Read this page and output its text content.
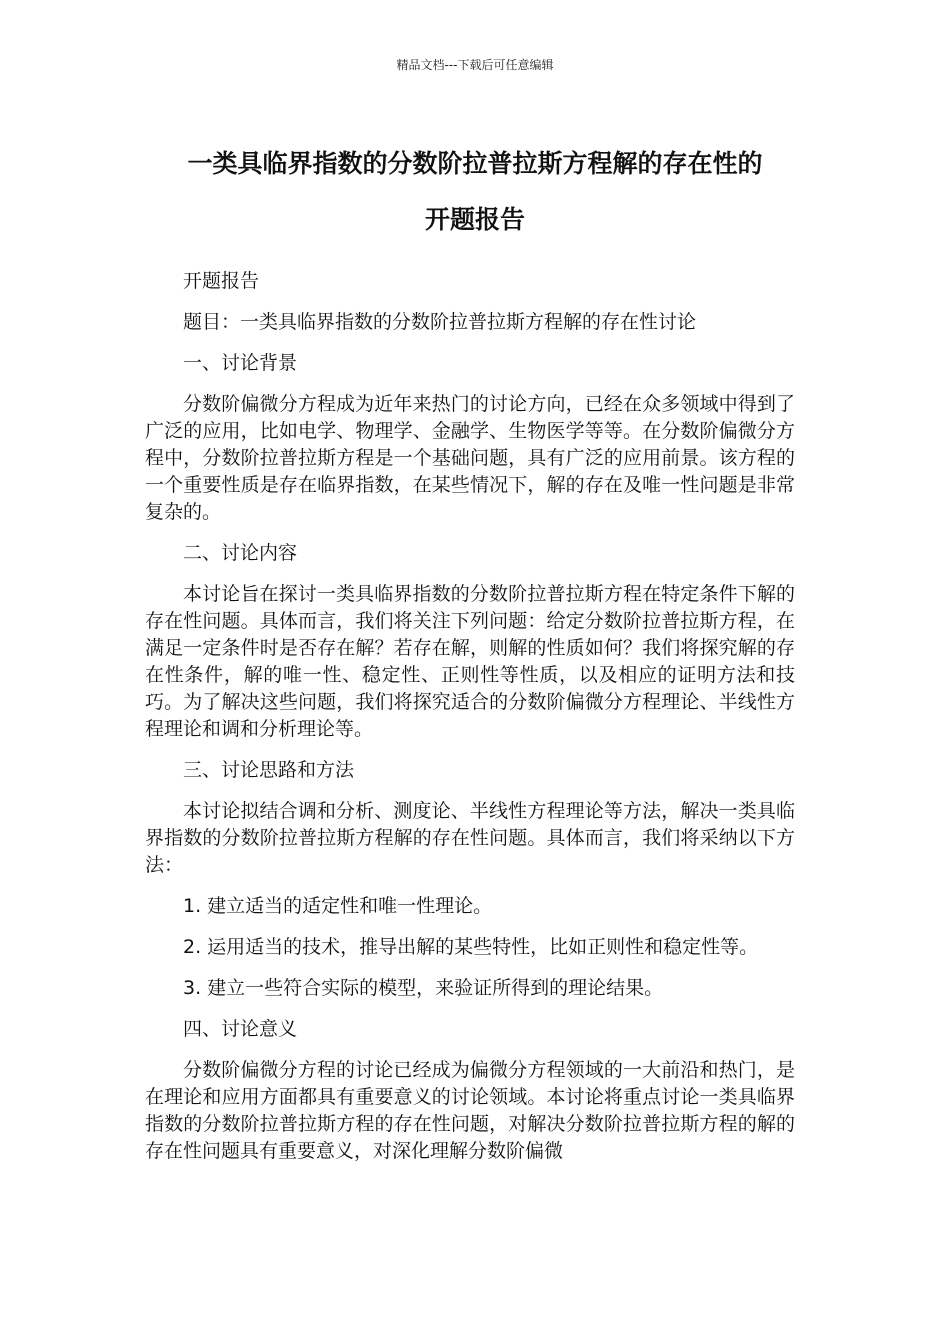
精品文档---下载后可任意编辑
一类具临界指数的分数阶拉普拉斯方程解的存在性的
开题报告

开题报告

题目：一类具临界指数的分数阶拉普拉斯方程解的存在性讨论

一、讨论背景

分数阶偏微分方程成为近年来热门的讨论方向，已经在众多领域中得到了广泛的应用，比如电学、物理学、金融学、生物医学等等。在分数阶偏微分方程中，分数阶拉普拉斯方程是一个基础问题，具有广泛的应用前景。该方程的一个重要性质是存在临界指数，在某些情况下，解的存在及唯一性问题是非常复杂的。

二、讨论内容

本讨论旨在探讨一类具临界指数的分数阶拉普拉斯方程在特定条件下解的存在性问题。具体而言，我们将关注下列问题：给定分数阶拉普拉斯方程，在满足一定条件时是否存在解？若存在解，则解的性质如何？我们将探究解的存在性条件，解的唯一性、稳定性、正则性等性质，以及相应的证明方法和技巧。为了解决这些问题，我们将探究适合的分数阶偏微分方程理论、半线性方程理论和调和分析理论等。

三、讨论思路和方法

本讨论拟结合调和分析、测度论、半线性方程理论等方法，解决一类具临界指数的分数阶拉普拉斯方程解的存在性问题。具体而言，我们将采纳以下方法：

1. 建立适当的适定性和唯一性理论。

2. 运用适当的技术，推导出解的某些特性，比如正则性和稳定性等。

3. 建立一些符合实际的模型，来验证所得到的理论结果。

四、讨论意义

分数阶偏微分方程的讨论已经成为偏微分方程领域的一大前沿和热门，是在理论和应用方面都具有重要意义的讨论领域。本讨论将重点讨论一类具临界指数的分数阶拉普拉斯方程的存在性问题，对解决分数阶拉普拉斯方程的解的存在性问题具有重要意义，对深化理解分数阶偏微
